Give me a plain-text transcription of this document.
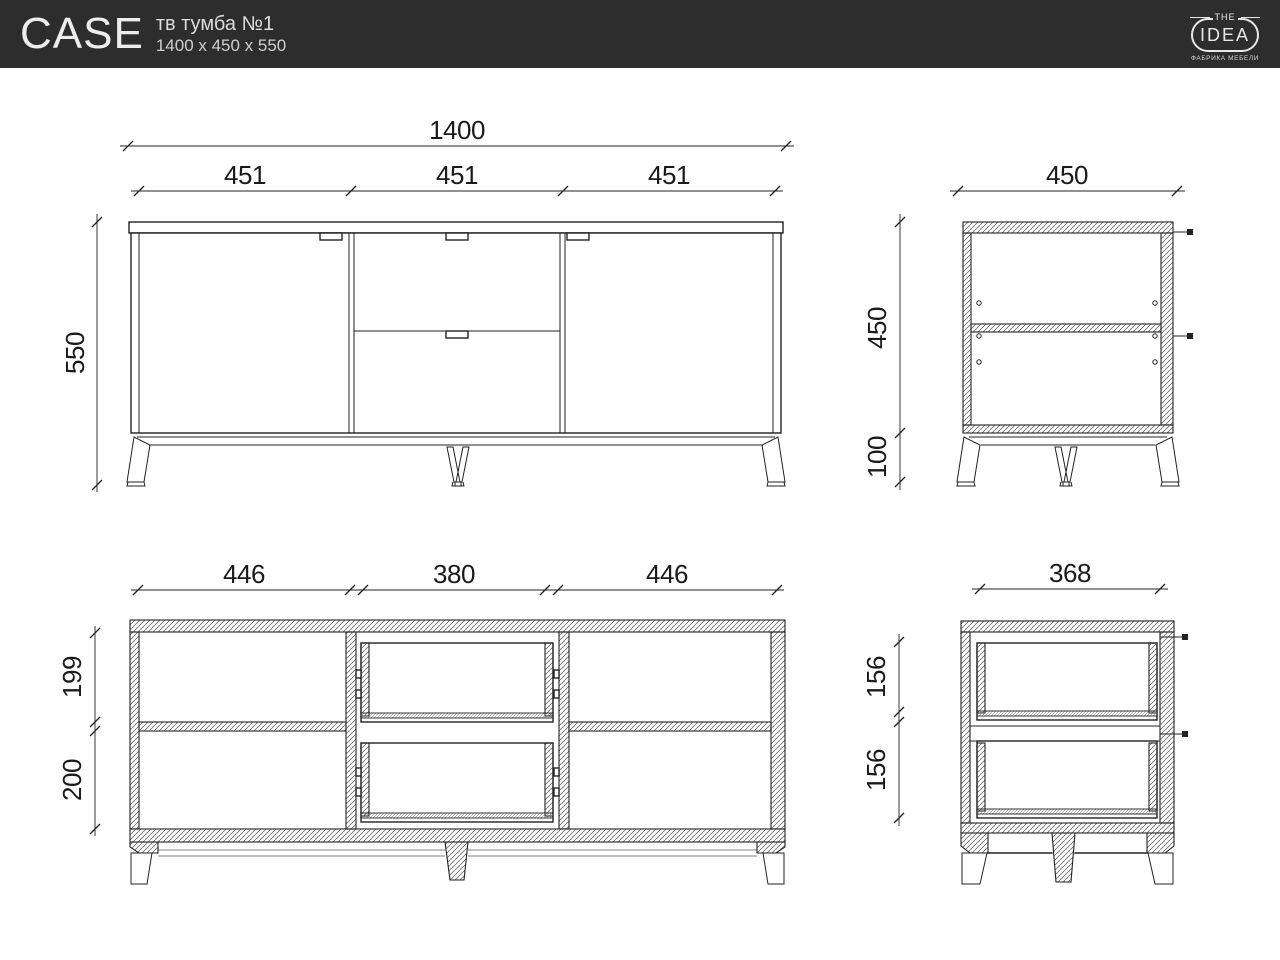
CASE тв тумба №1
1400 x 450 x 550
THE
IDEA
ФАБРИКА МЕБЕЛИ
1400
451	451	451
550
450
450
100
446	380	446
199
200
368
156
156
